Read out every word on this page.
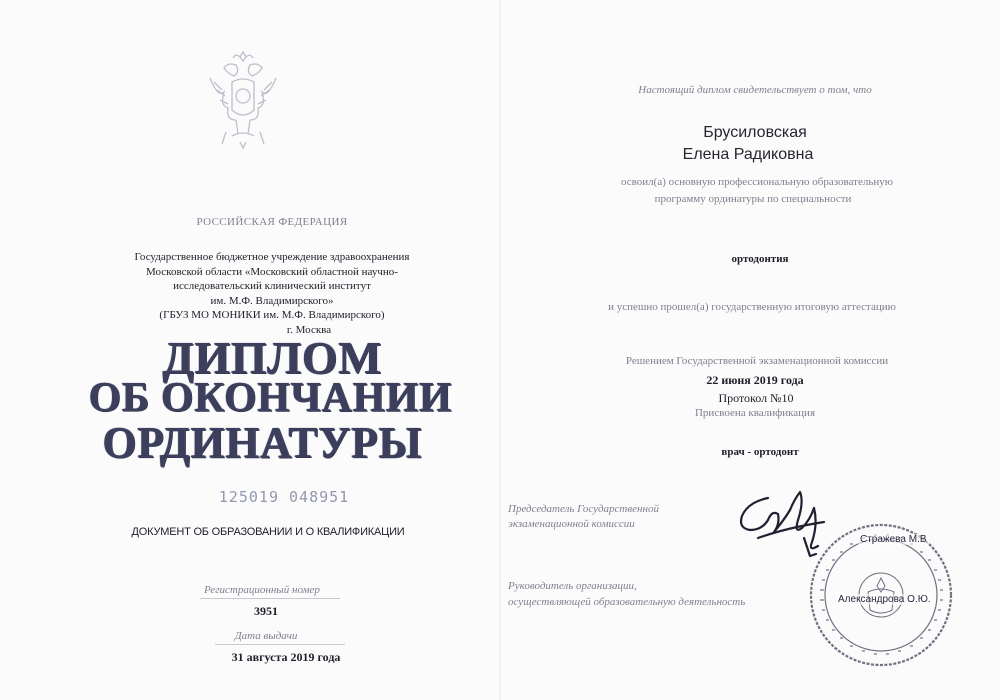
РОССИЙСКАЯ ФЕДЕРАЦИЯ
Государственное бюджетное учреждение здравоохранения
Московской области «Московский областной научно-
исследовательский клинический институт
им. М.Ф. Владимирского»
(ГБУЗ МО МОНИКИ им. М.Ф. Владимирского)
г. Москва
ДИПЛОМ
ОБ ОКОНЧАНИИ
ОРДИНАТУРЫ
125019 048951
ДОКУМЕНТ ОБ ОБРАЗОВАНИИ И О КВАЛИФИКАЦИИ
Регистрационный номер
3951
Дата выдачи
31 августа 2019 года
Настоящий диплом свидетельствует о том, что
Брусиловская
Елена Радиковна
освоил(а) основную профессиональную образовательную
программу ординатуры по специальности
ортодонтия
и успешно прошел(а) государственную итоговую аттестацию
Решением Государственной экзаменационной комиссии
22 июня 2019 года
Протокол №10
Присвоена квалификация
врач - ортодонт
Председатель Государственной
экзаменационной комиссии
Руководитель организации,
осуществляющей образовательную деятельность
Стражева М.В
Александрова О.Ю.
